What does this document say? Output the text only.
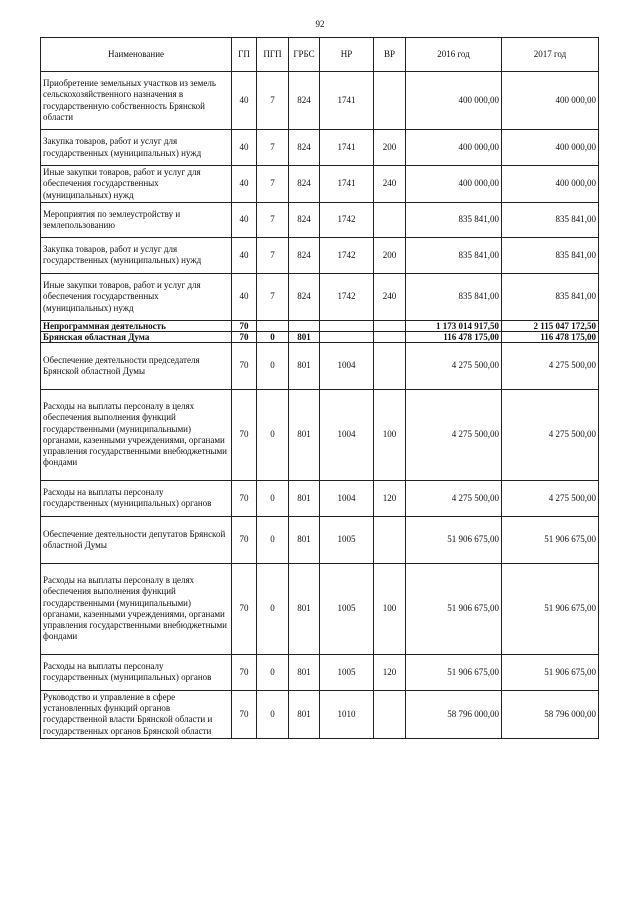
92
Наименование	ГП	ПГП	ГРБС	НР	ВР	2016 год	2017 год
Приобретение земельных участков из земель сельскохозяйственного назначения в государственную собственность Брянской области	40	7	824	1741		400 000,00	400 000,00
Закупка товаров, работ и услуг для государственных (муниципальных) нужд	40	7	824	1741	200	400 000,00	400 000,00
Иные закупки товаров, работ и услуг для обеспечения государственных (муниципальных) нужд	40	7	824	1741	240	400 000,00	400 000,00
Мероприятия по землеустройству и землепользованию	40	7	824	1742		835 841,00	835 841,00
Закупка товаров, работ и услуг для государственных (муниципальных) нужд	40	7	824	1742	200	835 841,00	835 841,00
Иные закупки товаров, работ и услуг для обеспечения государственных (муниципальных) нужд	40	7	824	1742	240	835 841,00	835 841,00
Непрограммная деятельность	70					1 173 014 917,50	2 115 047 172,50
Брянская областная Дума	70	0	801			116 478 175,00	116 478 175,00
Обеспечение деятельности председателя Брянской областной Думы	70	0	801	1004		4 275 500,00	4 275 500,00
Расходы на выплаты персоналу в целях обеспечения выполнения функций государственными (муниципальными) органами, казенными учреждениями, органами управления государственными внебюджетными фондами	70	0	801	1004	100	4 275 500,00	4 275 500,00
Расходы на выплаты персоналу государственных (муниципальных) органов	70	0	801	1004	120	4 275 500,00	4 275 500,00
Обеспечение деятельности депутатов Брянской областной Думы	70	0	801	1005		51 906 675,00	51 906 675,00
Расходы на выплаты персоналу в целях обеспечения выполнения функций государственными (муниципальными) органами, казенными учреждениями, органами управления государственными внебюджетными фондами	70	0	801	1005	100	51 906 675,00	51 906 675,00
Расходы на выплаты персоналу государственных (муниципальных) органов	70	0	801	1005	120	51 906 675,00	51 906 675,00
Руководство и управление в сфере установленных функций органов государственной власти Брянской области и государственных органов Брянской области	70	0	801	1010		58 796 000,00	58 796 000,00
